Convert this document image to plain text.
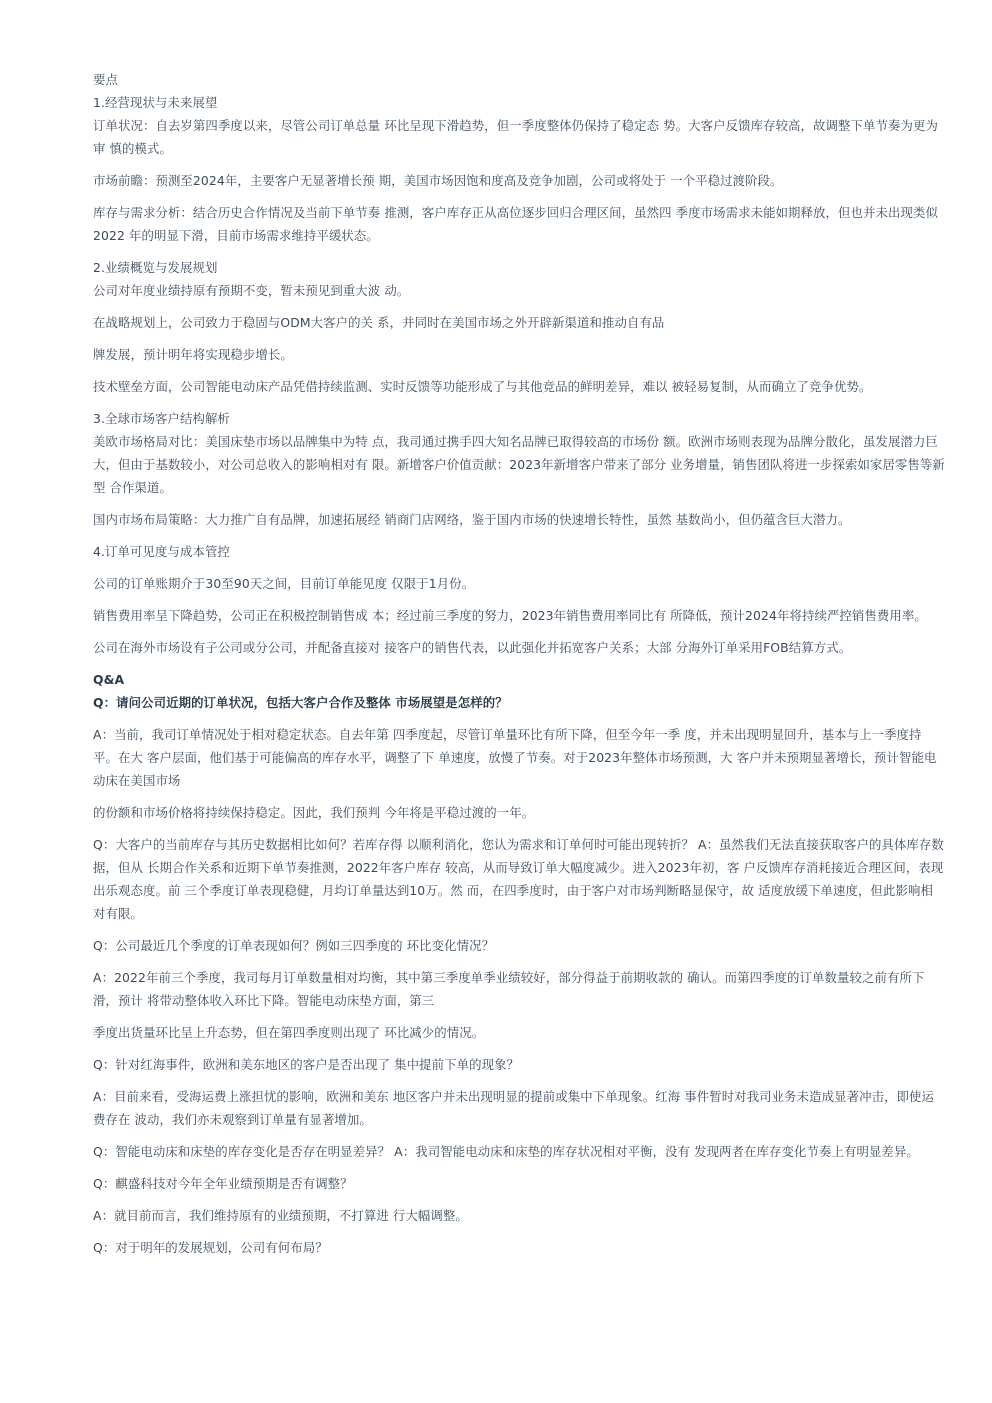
要点
1.经营现状与未来展望

订单状况：自去岁第四季度以来，尽管公司订单总量 环比呈现下滑趋势，但一季度整体仍保持了稳定态 势。大客户反馈库存较高，故调整下单节奏为更为审 慎的模式。

市场前瞻：预测至2024年，主要客户无显著增长预 期，美国市场因饱和度高及竞争加剧，公司或将处于 一个平稳过渡阶段。

库存与需求分析：结合历史合作情况及当前下单节奏 推测，客户库存正从高位逐步回归合理区间，虽然四 季度市场需求未能如期释放，但也并未出现类似2022 年的明显下滑，目前市场需求维持平缓状态。

2.业绩概览与发展规划

公司对年度业绩持原有预期不变，暂未预见到重大波 动。

在战略规划上，公司致力于稳固与ODM大客户的关 系，并同时在美国市场之外开辟新渠道和推动自有品

牌发展，预计明年将实现稳步增长。

技术壁垒方面，公司智能电动床产品凭借持续监测、实时反馈等功能形成了与其他竞品的鲜明差异，难以 被轻易复制，从而确立了竞争优势。

3.全球市场客户结构解析

美欧市场格局对比：美国床垫市场以品牌集中为特 点，我司通过携手四大知名品牌已取得较高的市场份 额。欧洲市场则表现为品牌分散化，虽发展潜力巨 大，但由于基数较小，对公司总收入的影响相对有 限。新增客户价值贡献：2023年新增客户带来了部分 业务增量，销售团队将进一步探索如家居零售等新型 合作渠道。

国内市场布局策略：大力推广自有品牌，加速拓展经 销商门店网络，鉴于国内市场的快速增长特性，虽然 基数尚小，但仍蕴含巨大潜力。

4.订单可见度与成本管控

公司的订单账期介于30至90天之间，目前订单能见度 仅限于1月份。

销售费用率呈下降趋势，公司正在积极控制销售成 本；经过前三季度的努力，2023年销售费用率同比有 所降低，预计2024年将持续严控销售费用率。

公司在海外市场设有子公司或分公司，并配备直接对 接客户的销售代表，以此强化并拓宽客户关系；大部 分海外订单采用FOB结算方式。

Q&A

Q：请问公司近期的订单状况，包括大客户合作及整体 市场展望是怎样的？

A：当前，我司订单情况处于相对稳定状态。自去年第 四季度起，尽管订单量环比有所下降，但至今年一季 度，并未出现明显回升，基本与上一季度持平。在大 客户层面，他们基于可能偏高的库存水平，调整了下 单速度，放慢了节奏。对于2023年整体市场预测，大 客户并未预期显著增长，预计智能电动床在美国市场

的份额和市场价格将持续保持稳定。因此，我们预判 今年将是平稳过渡的一年。

Q：大客户的当前库存与其历史数据相比如何？若库存得 以顺利消化，您认为需求和订单何时可能出现转折？ A：虽然我们无法直接获取客户的具体库存数据，但从 长期合作关系和近期下单节奏推测，2022年客户库存 较高，从而导致订单大幅度减少。进入2023年初，客 户反馈库存消耗接近合理区间，表现出乐观态度。前 三个季度订单表现稳健，月均订单量达到10万。然 而，在四季度时，由于客户对市场判断略显保守，故 适度放缓下单速度，但此影响相对有限。

Q：公司最近几个季度的订单表现如何？例如三四季度的 环比变化情况？

A：2022年前三个季度，我司每月订单数量相对均衡，其中第三季度单季业绩较好，部分得益于前期收款的 确认。而第四季度的订单数量较之前有所下滑，预计 将带动整体收入环比下降。智能电动床垫方面，第三

季度出货量环比呈上升态势，但在第四季度则出现了 环比减少的情况。

Q：针对红海事件，欧洲和美东地区的客户是否出现了 集中提前下单的现象？

A：目前来看，受海运费上涨担忧的影响，欧洲和美东 地区客户并未出现明显的提前或集中下单现象。红海 事件暂时对我司业务未造成显著冲击，即使运费存在 波动，我们亦未观察到订单量有显著增加。

Q：智能电动床和床垫的库存变化是否存在明显差异？ A：我司智能电动床和床垫的库存状况相对平衡，没有 发现两者在库存变化节奏上有明显差异。

Q：麒盛科技对今年全年业绩预期是否有调整？

A：就目前而言，我们维持原有的业绩预期，不打算进 行大幅调整。

Q：对于明年的发展规划，公司有何布局？
